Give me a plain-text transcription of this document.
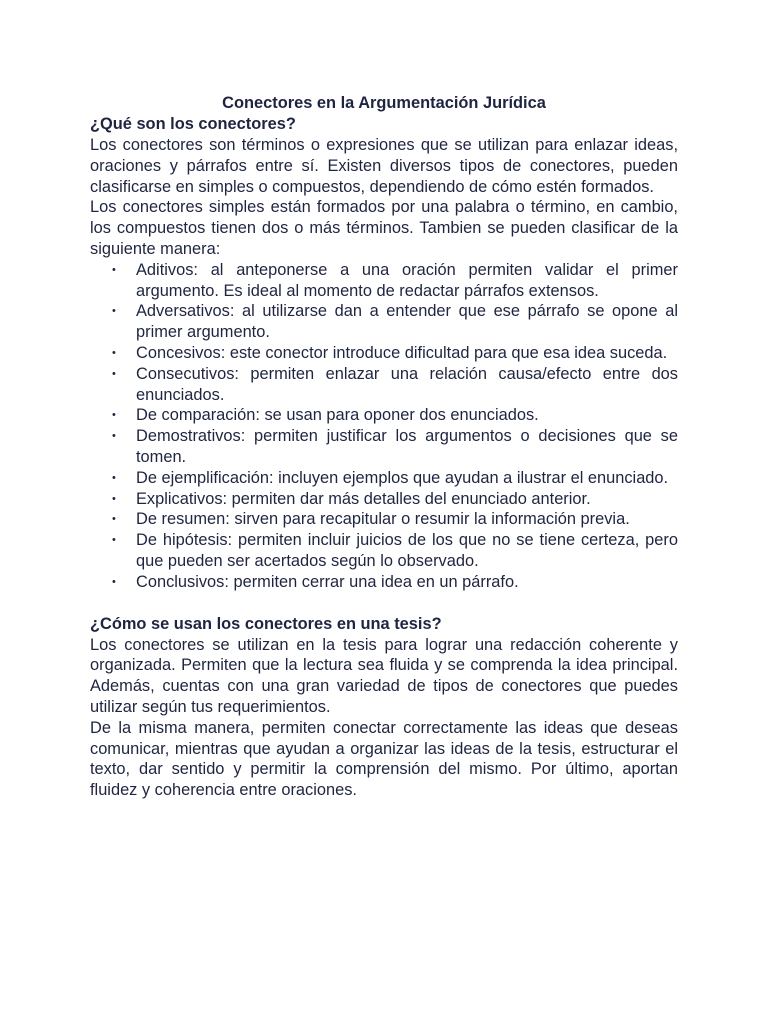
Conectores en la Argumentación Jurídica
¿Qué son los conectores?

Los conectores son términos o expresiones que se utilizan para enlazar ideas, oraciones y párrafos entre sí. Existen diversos tipos de conectores, pueden clasificarse en simples o compuestos, dependiendo de cómo estén formados.

Los conectores simples están formados por una palabra o término, en cambio, los compuestos tienen dos o más términos. Tambien se pueden clasificar de la siguiente manera:

• Aditivos: al anteponerse a una oración permiten validar el primer argumento. Es ideal al momento de redactar párrafos extensos.
• Adversativos: al utilizarse dan a entender que ese párrafo se opone al primer argumento.
• Concesivos: este conector introduce dificultad para que esa idea suceda.
• Consecutivos: permiten enlazar una relación causa/efecto entre dos enunciados.
• De comparación: se usan para oponer dos enunciados.
• Demostrativos: permiten justificar los argumentos o decisiones que se tomen.
• De ejemplificación: incluyen ejemplos que ayudan a ilustrar el enunciado.
• Explicativos: permiten dar más detalles del enunciado anterior.
• De resumen: sirven para recapitular o resumir la información previa.
• De hipótesis: permiten incluir juicios de los que no se tiene certeza, pero que pueden ser acertados según lo observado.
• Conclusivos: permiten cerrar una idea en un párrafo.
¿Cómo se usan los conectores en una tesis?

Los conectores se utilizan en la tesis para lograr una redacción coherente y organizada. Permiten que la lectura sea fluida y se comprenda la idea principal. Además, cuentas con una gran variedad de tipos de conectores que puedes utilizar según tus requerimientos.

De la misma manera, permiten conectar correctamente las ideas que deseas comunicar, mientras que ayudan a organizar las ideas de la tesis, estructurar el texto, dar sentido y permitir la comprensión del mismo. Por último, aportan fluidez y coherencia entre oraciones.
